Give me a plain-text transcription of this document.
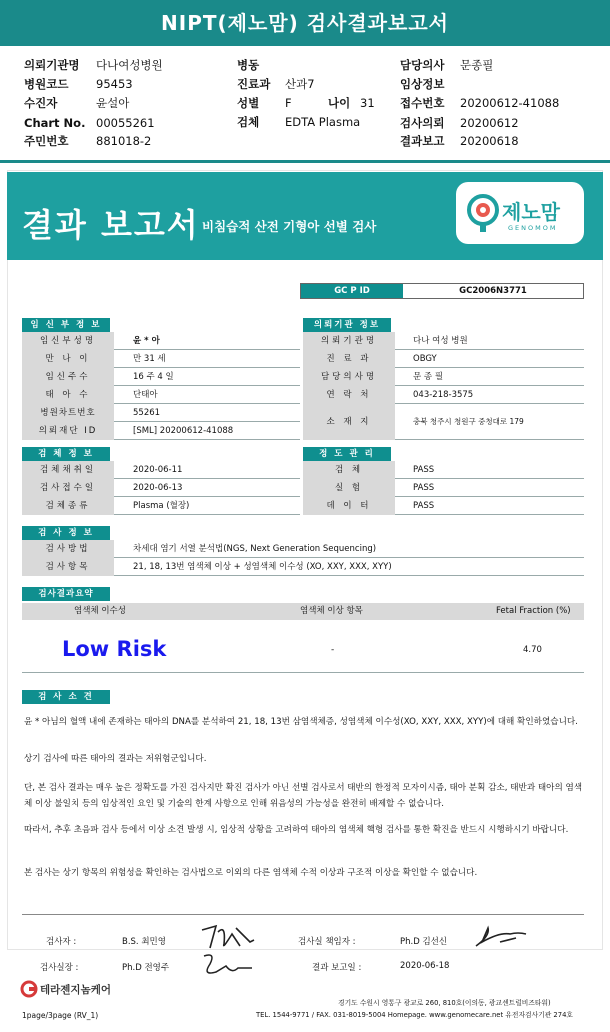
NIPT(제노맘) 검사결과보고서
의뢰기관명 다나여성병원
병원코드 95453
수진자	윤설아
Chart No. 00055261
주민번호 881018-2
병동
진료과 산과7
성별 F	나이 31
검체 EDTA Plasma
담당의사 문종필
임상정보
접수번호 20200612-41088
검사의뢰 20200612
결과보고 20200618
결과 보고서 비침습적 산전 기형아 선별 검사
제노맘
GENOMOM
GC P ID	GC2006N3771
임 신 부 정 보
임신부성명	윤 * 아
만 나 이	만 31 세
임신주수	16 주 4 일
태 아 수	단태아
병원차트번호	55261
의뢰재단 ID	[SML] 20200612-41088
의뢰기관 정보
의뢰기관명	다나 여성 병원
진 료 과	OBGY
담당의사명	문 종 필
연 락 처	043-218-3575
소 재 지	충북 청주시 청원구 중청대로 179
검 체 정 보
검체채취일	2020-06-11
검사접수일	2020-06-13
검체종류	Plasma (혈장)
정 도 관 리
검 체	PASS
실 험	PASS
데 이 터	PASS
검 사 정 보
검사방법	차세대 염기 서열 분석법(NGS, Next Generation Sequencing)
검사항목	21, 18, 13번 염색체 이상 + 성염색체 이수성 (XO, XXY, XXX, XYY)
검사결과요약
염색체 이수성	염색체 이상 항목	Fetal Fraction (%)
Low Risk	-	4.70
검 사 소 견
윤 * 아님의 혈액 내에 존재하는 태아의 DNA를 분석하여 21, 18, 13번 삼염색체증, 성염색체 이수성(XO, XXY, XXX, XYY)에 대해 확인하였습니다.
상기 검사에 따른 태아의 결과는 저위험군입니다.
단, 본 검사 결과는 매우 높은 정확도를 가진 검사지만 확진 검사가 아닌 선별 검사로서 태반의 한정적 모자이시즘, 태아 분획 감소, 태반과 태아의 염색체 이상 불일치 등의 임상적인 요인 및 기술의 한계 사항으로 인해 위음성의 가능성을 완전히 배제할 수 없습니다.
따라서, 추후 초음파 검사 등에서 이상 소견 발생 시, 임상적 상황을 고려하여 태아의 염색체 핵형 검사를 통한 확진을 반드시 시행하시기 바랍니다.
본 검사는 상기 항목의 위험성을 확인하는 검사법으로 이외의 다른 염색체 수적 이상과 구조적 이상을 확인할 수 없습니다.
검사자 :	B.S. 최민영	검사실 책임자 :	Ph.D 김선신
검사실장 :	Ph.D 전영주	결과 보고일 :	2020-06-18
테라젠지놈케어
경기도 수원시 영통구 광교로 260, 810호(이의동, 광교센트럴비즈타워)
TEL. 1544-9771 / FAX. 031-8019-5004 Homepage. www.genomecare.net 유전자검사기관 274호
1page/3page (RV_1)
